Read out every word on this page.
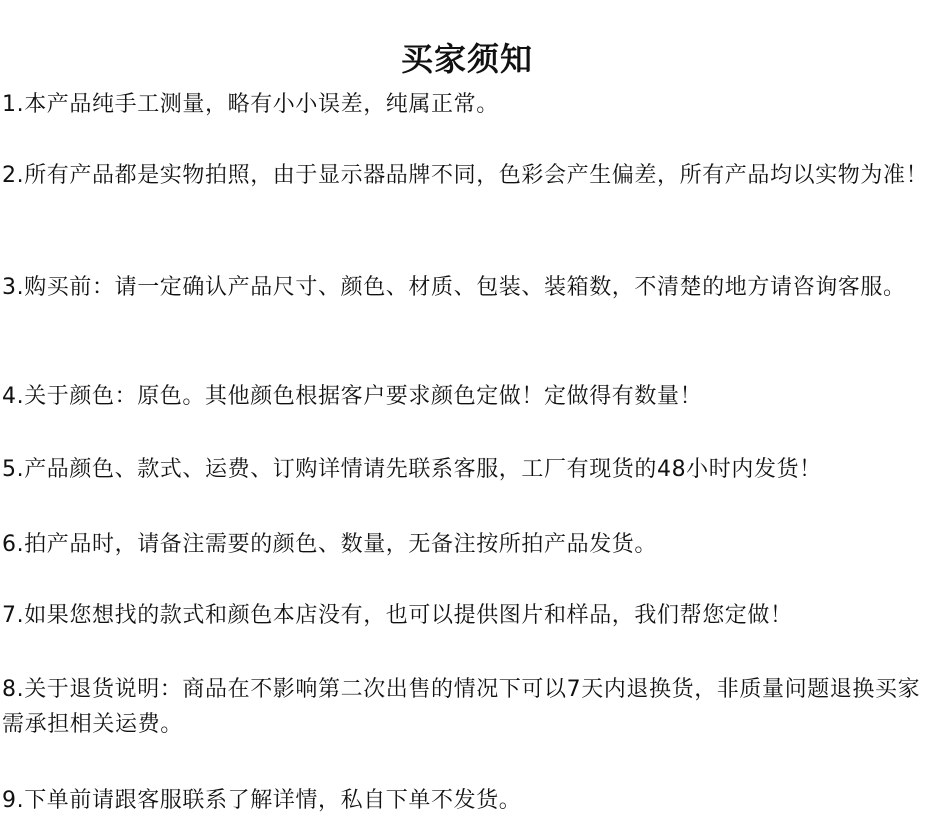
买家须知

1.本产品纯手工测量，略有小小误差，纯属正常。

2.所有产品都是实物拍照，由于显示器品牌不同，色彩会产生偏差，所有产品均以实物为准！

3.购买前：请一定确认产品尺寸、颜色、材质、包装、装箱数，不清楚的地方请咨询客服。

4.关于颜色：原色。其他颜色根据客户要求颜色定做！定做得有数量！

5.产品颜色、款式、运费、订购详情请先联系客服，工厂有现货的48小时内发货！

6.拍产品时，请备注需要的颜色、数量，无备注按所拍产品发货。

7.如果您想找的款式和颜色本店没有，也可以提供图片和样品，我们帮您定做！

8.关于退货说明：商品在不影响第二次出售的情况下可以7天内退换货，非质量问题退换买家需承担相关运费。

9.下单前请跟客服联系了解详情，私自下单不发货。
